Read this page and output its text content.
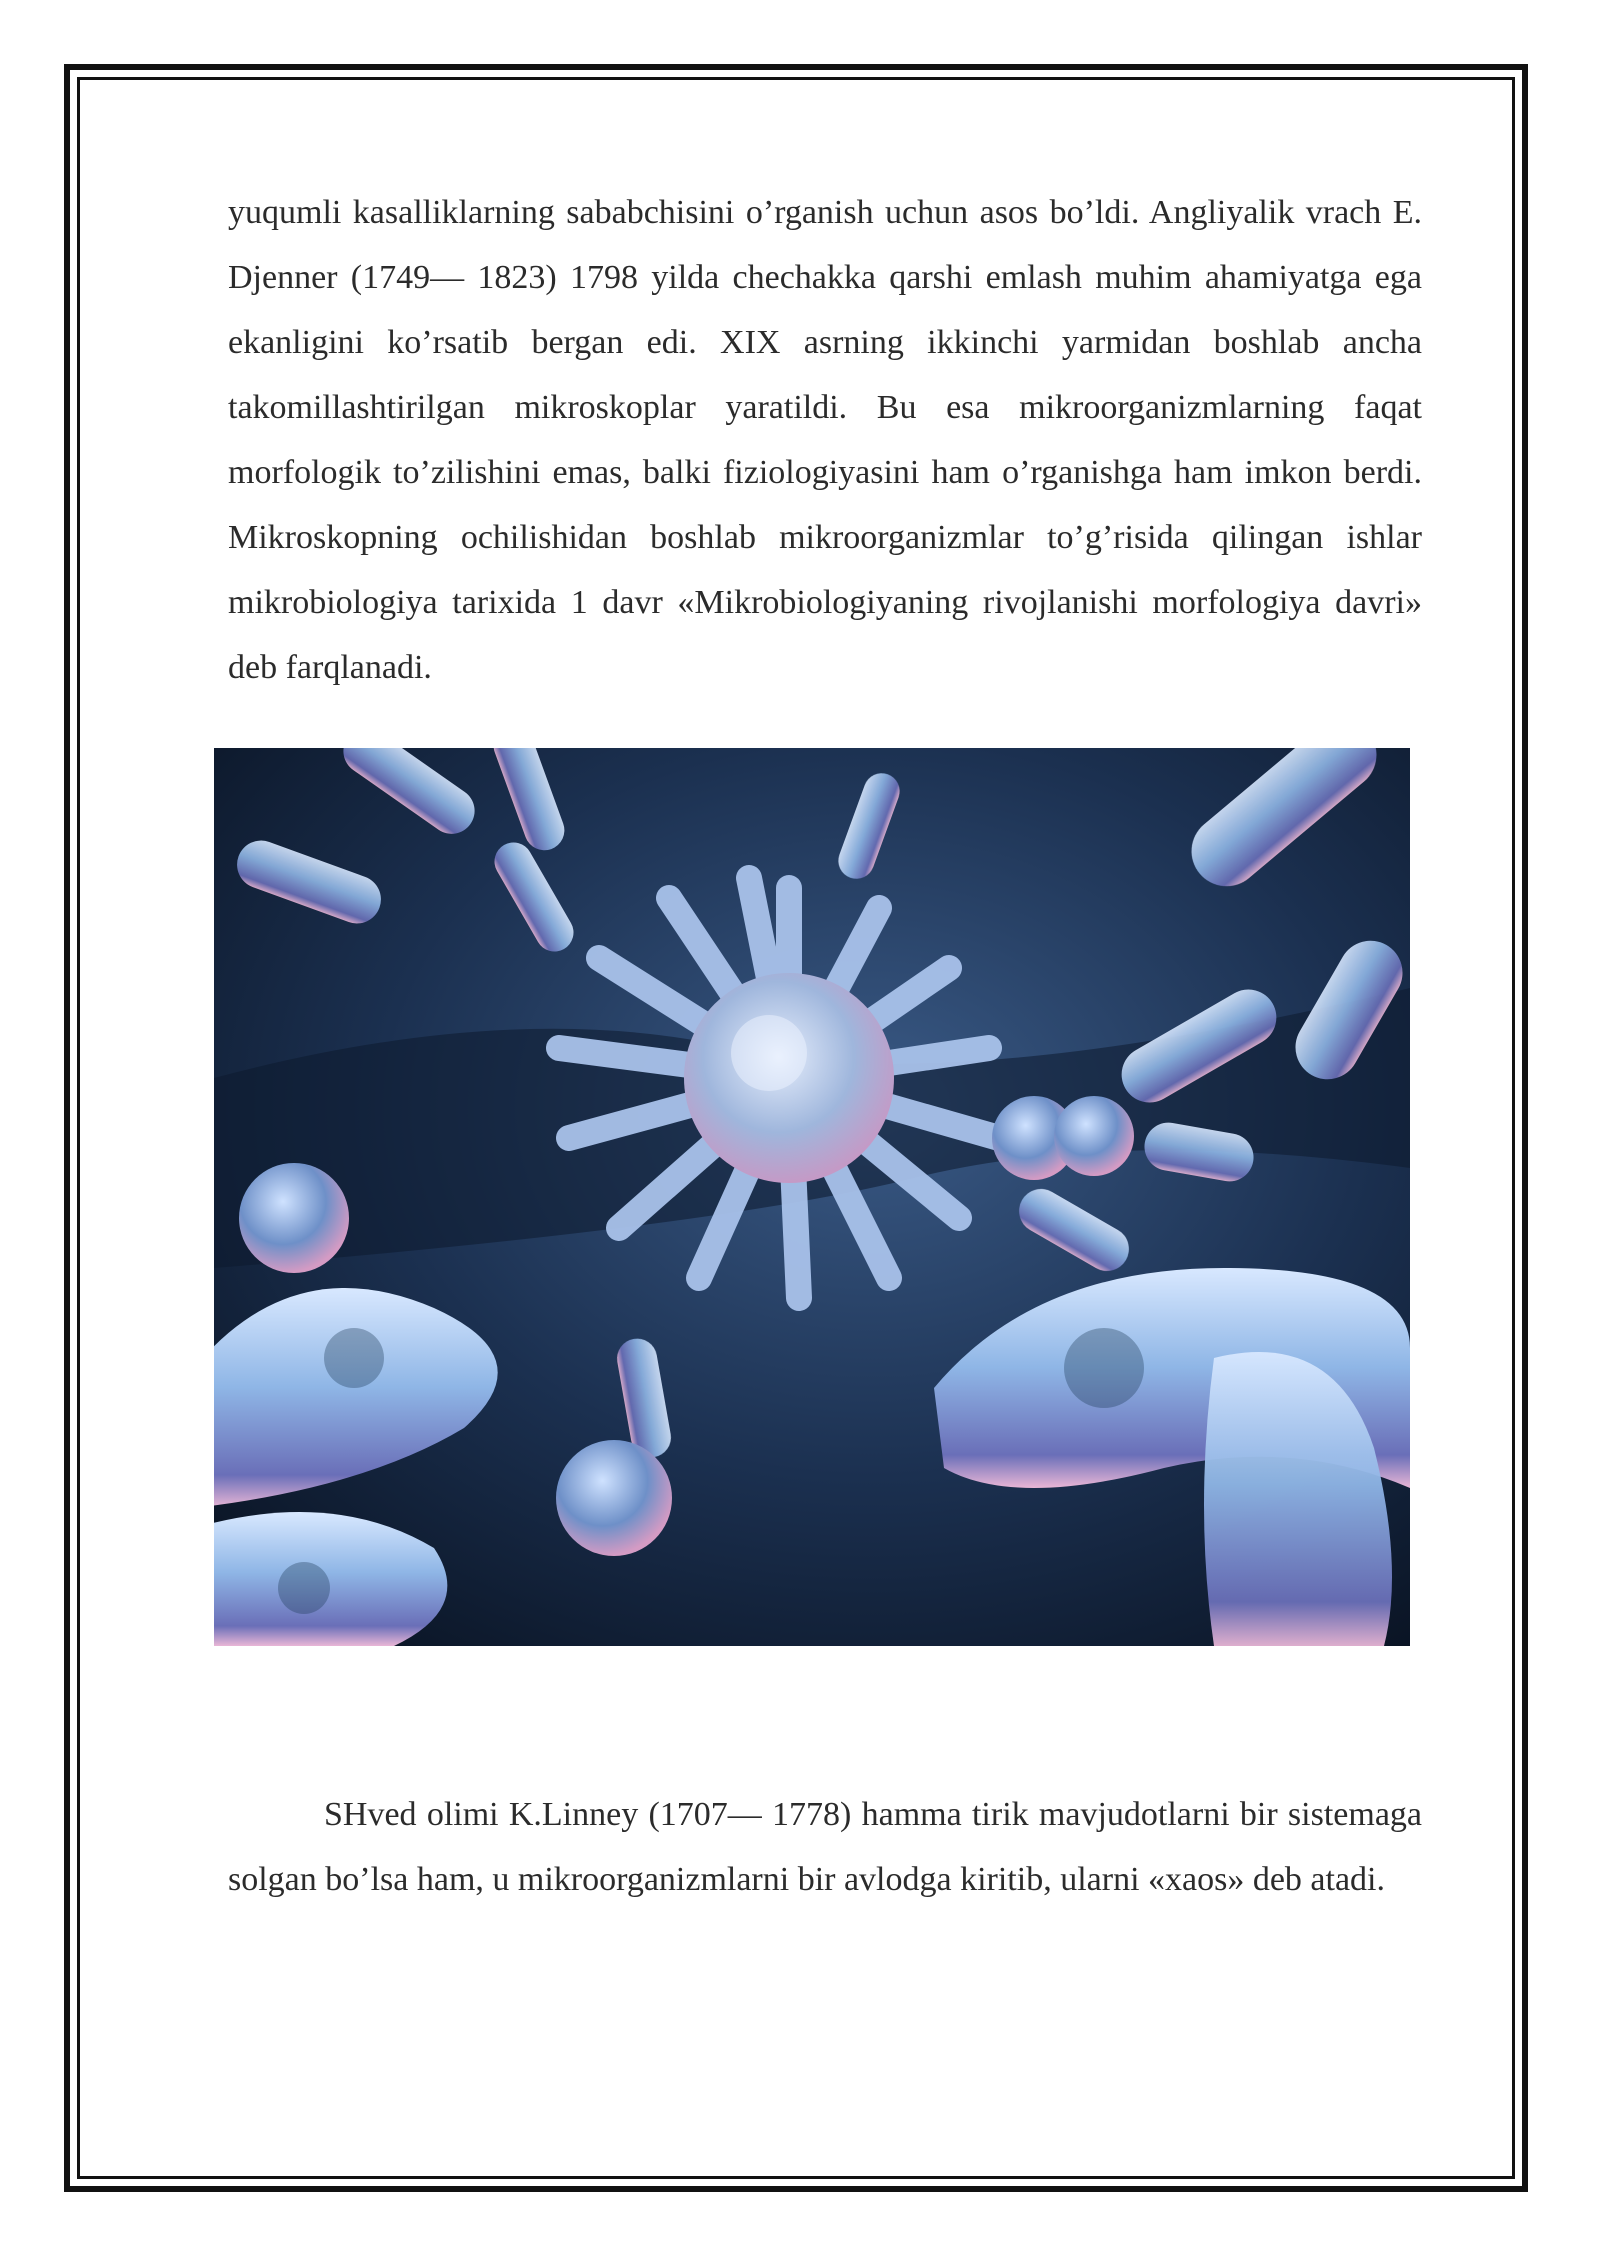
yuqumli kasalliklarning sababchisini o’rganish uchun asos bo’ldi. Angliyalik vrach E. Djenner (1749— 1823) 1798 yilda chechakka qarshi emlash muhim ahamiyatga ega ekanligini ko’rsatib bergan edi. XIX asrning ikkinchi yarmidan boshlab ancha takomillashtirilgan mikroskoplar yaratildi. Bu esa mikroorganizmlarning faqat morfologik to’zilishini emas, balki fiziologiyasini ham o’rganishga ham imkon berdi. Mikroskopning ochilishidan boshlab mikroorganizmlar to’g’risida qilingan ishlar mikrobiologiya tarixida 1 davr «Mikrobiologiyaning rivojlanishi morfologiya davri» deb farqlanadi.

SHved olimi K.Linney (1707— 1778) hamma tirik mavjudotlarni bir sistemaga solgan bo’lsa ham, u mikroorganizmlarni bir avlodga kiritib, ularni «xaos» deb atadi.
